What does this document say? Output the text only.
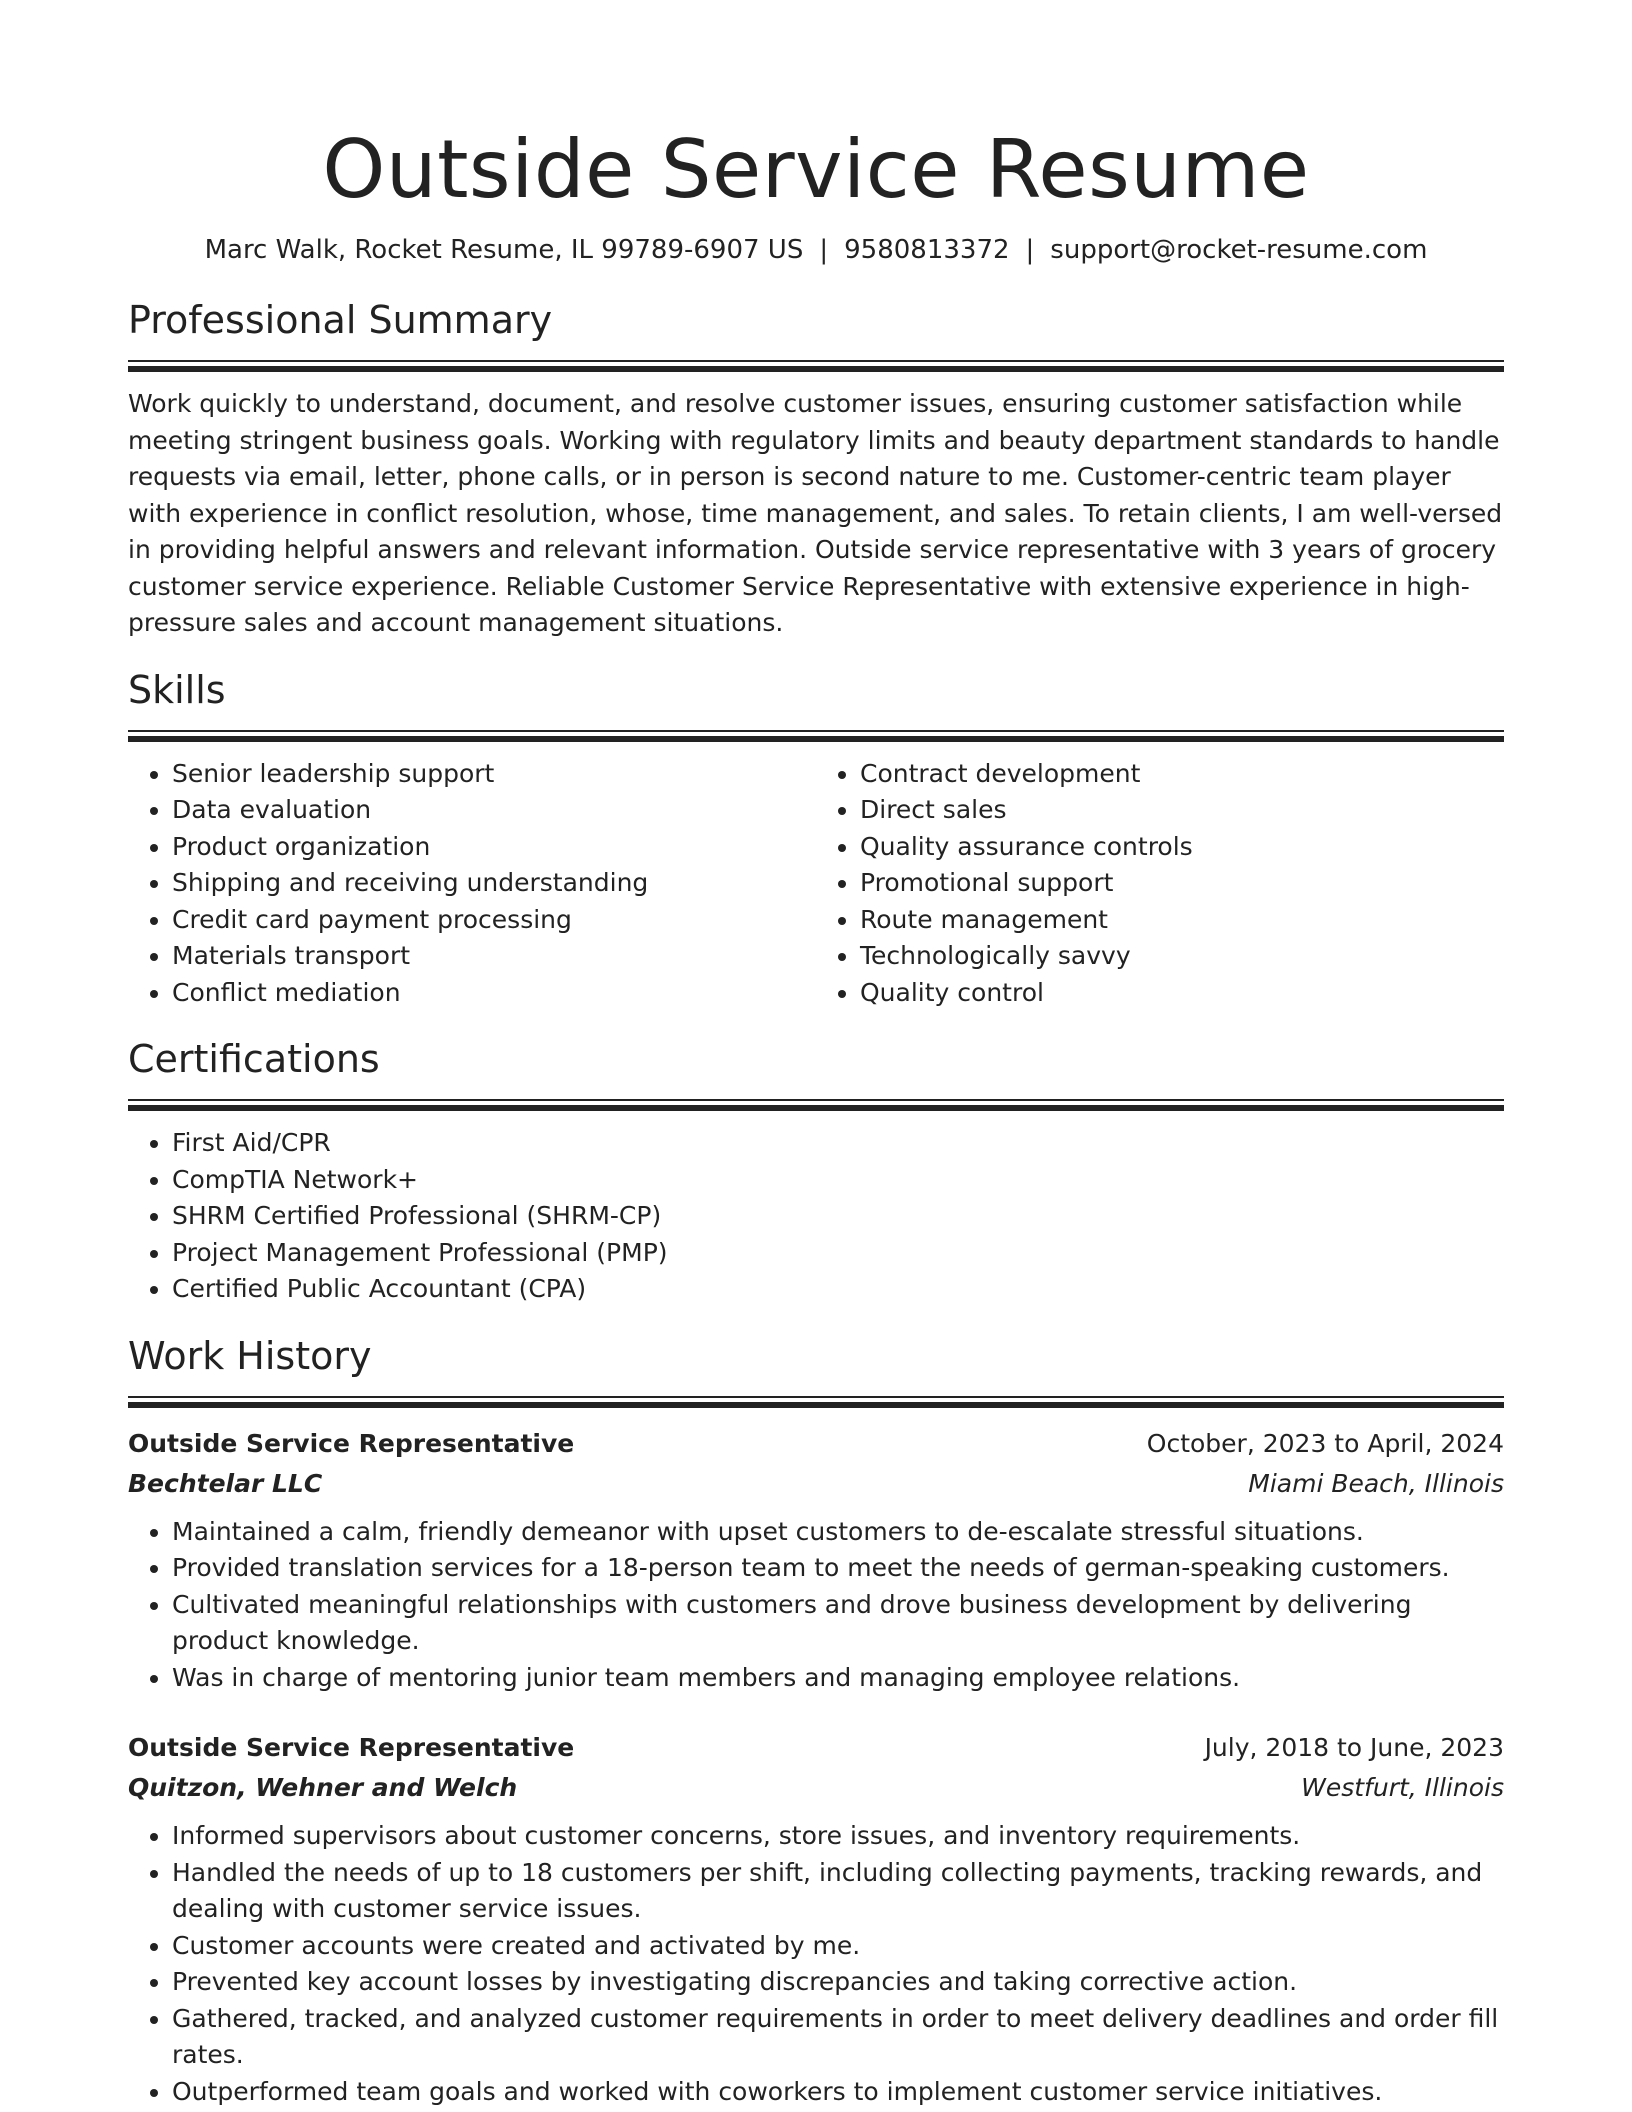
Outside Service Resume
Marc Walk, Rocket Resume, IL 99789-6907 US | 9580813372 | support@rocket-resume.com
Professional Summary
Work quickly to understand, document, and resolve customer issues, ensuring customer satisfaction while meeting stringent business goals. Working with regulatory limits and beauty department standards to handle requests via email, letter, phone calls, or in person is second nature to me. Customer-centric team player with experience in conflict resolution, whose, time management, and sales. To retain clients, I am well-versed in providing helpful answers and relevant information. Outside service representative with 3 years of grocery customer service experience. Reliable Customer Service Representative with extensive experience in high-pressure sales and account management situations.
Skills
• Senior leadership support
• Data evaluation
• Product organization
• Shipping and receiving understanding
• Credit card payment processing
• Materials transport
• Conflict mediation
• Contract development
• Direct sales
• Quality assurance controls
• Promotional support
• Route management
• Technologically savvy
• Quality control
Certifications
• First Aid/CPR
• CompTIA Network+
• SHRM Certified Professional (SHRM-CP)
• Project Management Professional (PMP)
• Certified Public Accountant (CPA)
Work History
Outside Service Representative	October, 2023 to April, 2024
Bechtelar LLC	Miami Beach, Illinois
• Maintained a calm, friendly demeanor with upset customers to de-escalate stressful situations.
• Provided translation services for a 18-person team to meet the needs of german-speaking customers.
• Cultivated meaningful relationships with customers and drove business development by delivering product knowledge.
• Was in charge of mentoring junior team members and managing employee relations.
Outside Service Representative	July, 2018 to June, 2023
Quitzon, Wehner and Welch	Westfurt, Illinois
• Informed supervisors about customer concerns, store issues, and inventory requirements.
• Handled the needs of up to 18 customers per shift, including collecting payments, tracking rewards, and dealing with customer service issues.
• Customer accounts were created and activated by me.
• Prevented key account losses by investigating discrepancies and taking corrective action.
• Gathered, tracked, and analyzed customer requirements in order to meet delivery deadlines and order fill rates.
• Outperformed team goals and worked with coworkers to implement customer service initiatives.
